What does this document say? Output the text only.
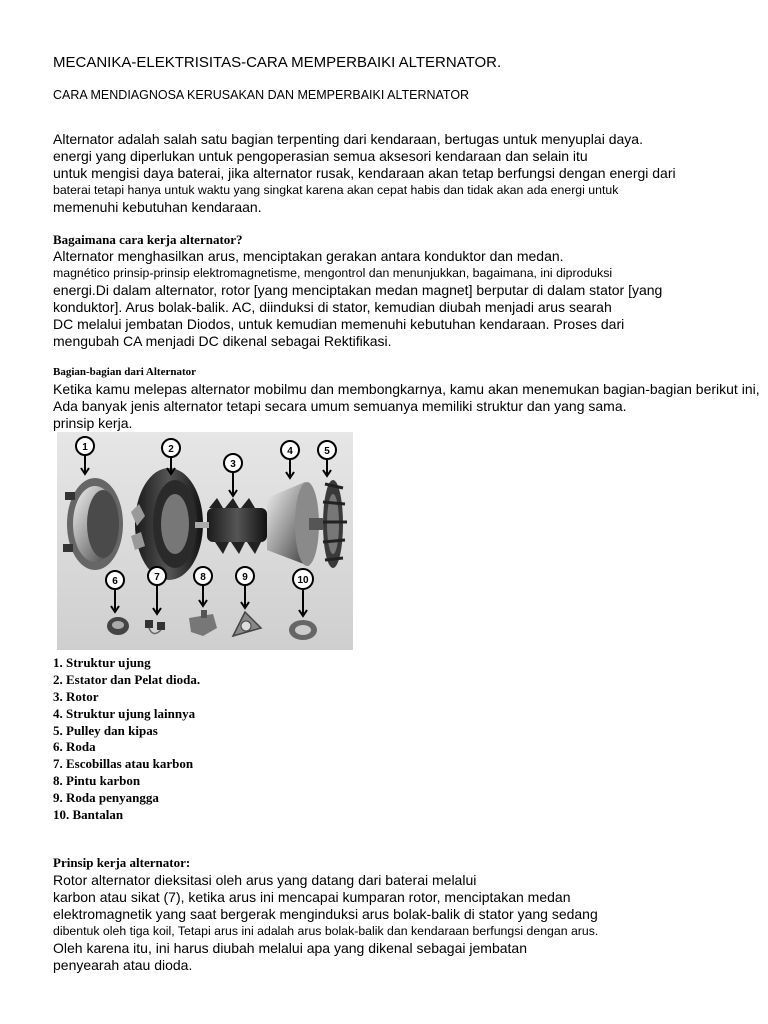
MECANIKA-ELEKTRISITAS-CARA MEMPERBAIKI ALTERNATOR.
CARA MENDIAGNOSA KERUSAKAN DAN MEMPERBAIKI ALTERNATOR
Alternator adalah salah satu bagian terpenting dari kendaraan, bertugas untuk menyuplai daya.
energi yang diperlukan untuk pengoperasian semua aksesori kendaraan dan selain itu
untuk mengisi daya baterai, jika alternator rusak, kendaraan akan tetap berfungsi dengan energi dari
baterai tetapi hanya untuk waktu yang singkat karena akan cepat habis dan tidak akan ada energi untuk
memenuhi kebutuhan kendaraan.
Bagaimana cara kerja alternator?
Alternator menghasilkan arus, menciptakan gerakan antara konduktor dan medan.
magnético prinsip-prinsip elektromagnetisme, mengontrol dan menunjukkan, bagaimana, ini diproduksi
energi.Di dalam alternator, rotor [yang menciptakan medan magnet] berputar di dalam stator [yang
konduktor]. Arus bolak-balik. AC, diinduksi di stator, kemudian diubah menjadi arus searah
DC melalui jembatan Diodos, untuk kemudian memenuhi kebutuhan kendaraan. Proses dari
mengubah CA menjadi DC dikenal sebagai Rektifikasi.
Bagian-bagian dari Alternator
Ketika kamu melepas alternator mobilmu dan membongkarnya, kamu akan menemukan bagian-bagian berikut ini,
Ada banyak jenis alternator tetapi secara umum semuanya memiliki struktur dan yang sama.
prinsip kerja.
1	2
3
4	5
6	7	8	9	10
1. Struktur ujung
2. Estator dan Pelat dioda.
3. Rotor
4. Struktur ujung lainnya
5. Pulley dan kipas
6. Roda
7. Escobillas atau karbon
8. Pintu karbon
9. Roda penyangga
10. Bantalan
Prinsip kerja alternator:
Rotor alternator dieksitasi oleh arus yang datang dari baterai melalui
karbon atau sikat (7), ketika arus ini mencapai kumparan rotor, menciptakan medan
elektromagnetik yang saat bergerak menginduksi arus bolak-balik di stator yang sedang
dibentuk oleh tiga koil, Tetapi arus ini adalah arus bolak-balik dan kendaraan berfungsi dengan arus.
Oleh karena itu, ini harus diubah melalui apa yang dikenal sebagai jembatan
penyearah atau dioda.
